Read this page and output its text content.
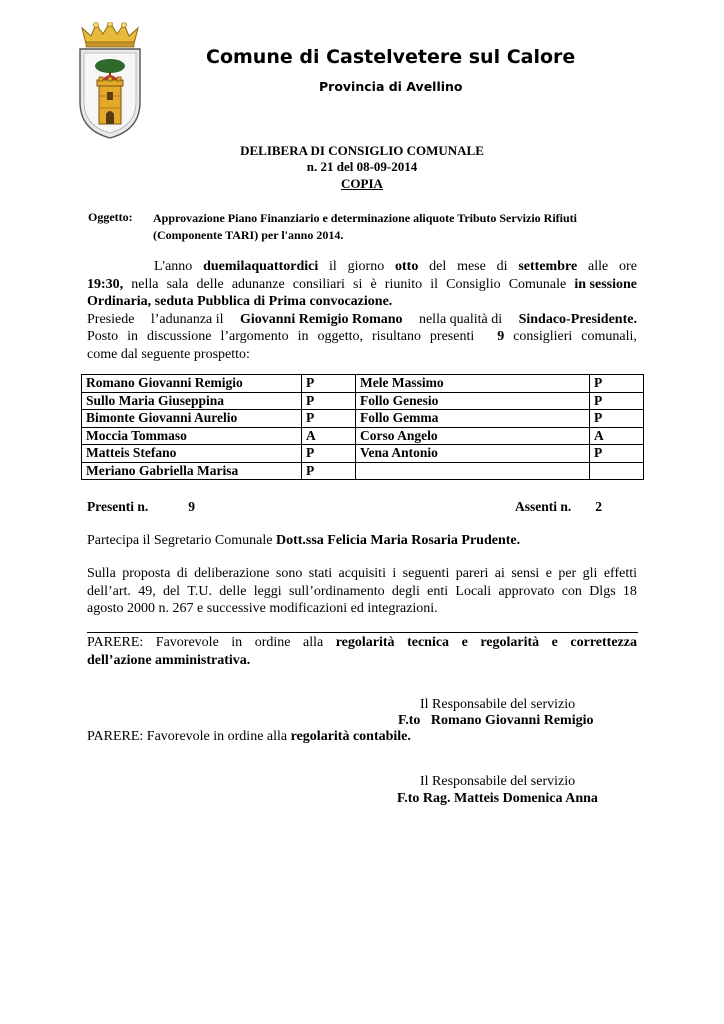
Comune di Castelvetere sul Calore
Provincia di Avellino
DELIBERA DI CONSIGLIO COMUNALE
n. 21 del 08-09-2014
COPIA
Oggetto: Approvazione Piano Finanziario e determinazione aliquote Tributo Servizio Rifiuti
(Componente TARI) per l'anno 2014.
L'anno duemilaquattordici il giorno otto del mese di settembre alle ore
19:30, nella sala delle adunanze consiliari si è riunito il Consiglio Comunale in sessione
Ordinaria, seduta Pubblica di Prima convocazione.
Presiede l’adunanza il Giovanni Remigio Romano nella qualità di Sindaco-Presidente.
Posto in discussione l’argomento in oggetto, risultano presenti 9 consiglieri comunali,
come dal seguente prospetto:
Romano Giovanni Remigio	P	Mele Massimo	P
Sullo Maria Giuseppina	P	Follo Genesio	P
Bimonte Giovanni Aurelio	P	Follo Gemma	P
Moccia Tommaso	A	Corso Angelo	A
Matteis Stefano	P	Vena Antonio	P
Meriano Gabriella Marisa	P		
Presenti n.	9	Assenti n. 2
Partecipa il Segretario Comunale Dott.ssa Felicia Maria Rosaria Prudente.
Sulla proposta di deliberazione sono stati acquisiti i seguenti pareri ai sensi e per gli effetti
dell’art. 49, del T.U. delle leggi sull’ordinamento degli enti Locali approvato con Dlgs 18
agosto 2000 n. 267 e successive modificazioni ed integrazioni.
PARERE: Favorevole in ordine alla regolarità tecnica e regolarità e correttezza
dell’azione amministrativa.
Il Responsabile del servizio
F.to   Romano Giovanni Remigio
PARERE: Favorevole in ordine alla regolarità contabile.
Il Responsabile del servizio
F.to Rag. Matteis Domenica Anna
